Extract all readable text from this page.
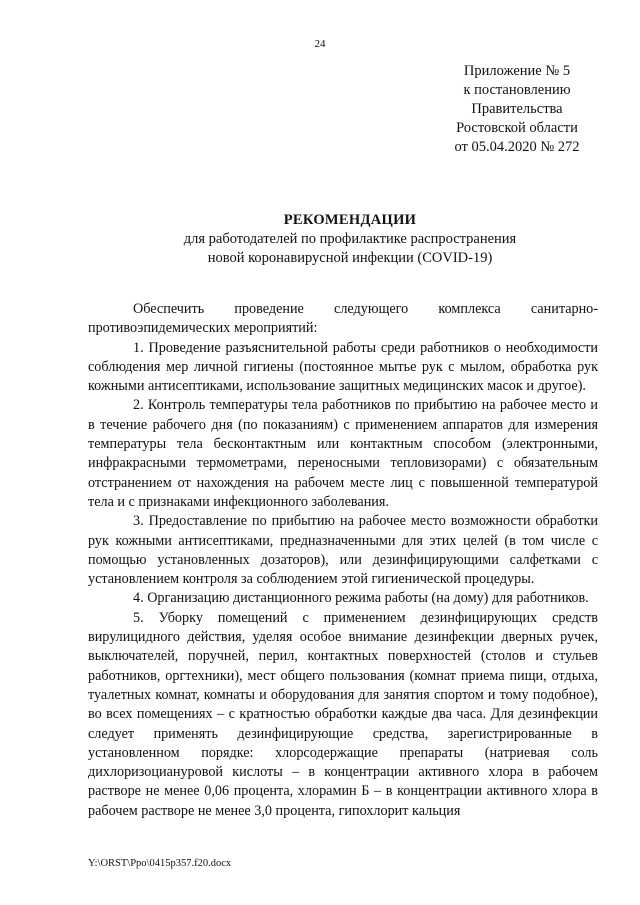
24
Приложение № 5
к постановлению
Правительства
Ростовской области
от 05.04.2020 № 272
РЕКОМЕНДАЦИИ
для работодателей по профилактике распространения
новой коронавирусной инфекции (COVID-19)

Обеспечить проведение следующего комплекса санитарно-противоэпидемических мероприятий:

1. Проведение разъяснительной работы среди работников о необходимости соблюдения мер личной гигиены (постоянное мытье рук с мылом, обработка рук кожными антисептиками, использование защитных медицинских масок и другое).

2. Контроль температуры тела работников по прибытию на рабочее место и в течение рабочего дня (по показаниям) с применением аппаратов для измерения температуры тела бесконтактным или контактным способом (электронными, инфракрасными термометрами, переносными тепловизорами) с обязательным отстранением от нахождения на рабочем месте лиц с повышенной температурой тела и с признаками инфекционного заболевания.

3. Предоставление по прибытию на рабочее место возможности обработки рук кожными антисептиками, предназначенными для этих целей (в том числе с помощью установленных дозаторов), или дезинфицирующими салфетками с установлением контроля за соблюдением этой гигиенической процедуры.

4. Организацию дистанционного режима работы (на дому) для работников.

5. Уборку помещений с применением дезинфицирующих средств вирулицидного действия, уделяя особое внимание дезинфекции дверных ручек, выключателей, поручней, перил, контактных поверхностей (столов и стульев работников, оргтехники), мест общего пользования (комнат приема пищи, отдыха, туалетных комнат, комнаты и оборудования для занятия спортом и тому подобное), во всех помещениях – с кратностью обработки каждые два часа. Для дезинфекции следует применять дезинфицирующие средства, зарегистрированные в установленном порядке: хлорсодержащие препараты (натриевая соль дихлоризоциануровой кислоты – в концентрации активного хлора в рабочем растворе не менее 0,06 процента, хлорамин Б – в концентрации активного хлора в рабочем растворе не менее 3,0 процента, гипохлорит кальция

Y:\ORST\Ppo\0415p357.f20.docx
